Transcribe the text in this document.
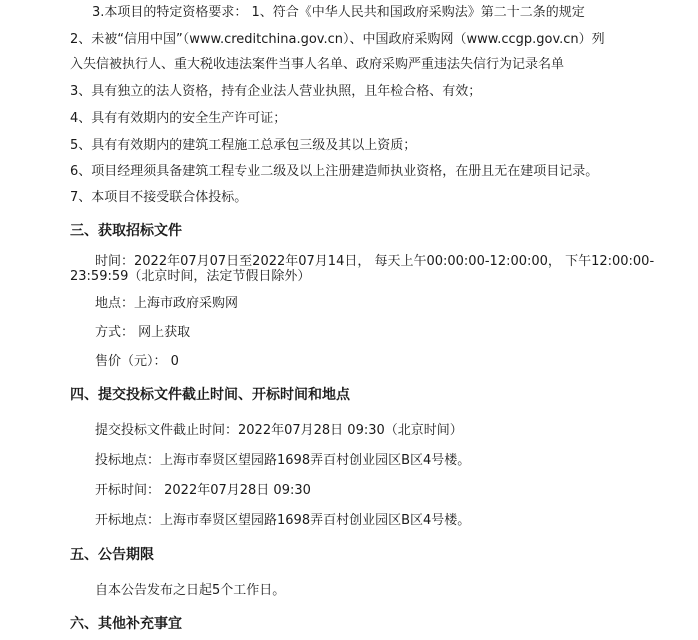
3.本项目的特定资格要求： 1、符合《中华人民共和国政府采购法》第二十二条的规定
2、未被“信用中国”（www.creditchina.gov.cn）、中国政府采购网（www.ccgp.gov.cn）列
入失信被执行人、重大税收违法案件当事人名单、政府采购严重违法失信行为记录名单
3、具有独立的法人资格，持有企业法人营业执照，且年检合格、有效；
4、具有有效期内的安全生产许可证；
5、具有有效期内的建筑工程施工总承包三级及其以上资质；
6、项目经理须具备建筑工程专业二级及以上注册建造师执业资格，在册且无在建项目记录。
7、本项目不接受联合体投标。
三、获取招标文件
时间：2022年07月07日至2022年07月14日， 每天上午00:00:00-12:00:00， 下午12:00:00-
23:59:59（北京时间，法定节假日除外）
地点：上海市政府采购网
方式： 网上获取
售价（元）： 0
四、提交投标文件截止时间、开标时间和地点
提交投标文件截止时间：2022年07月28日 09:30（北京时间）
投标地点：上海市奉贤区望园路1698弄百村创业园区B区4号楼。
开标时间： 2022年07月28日 09:30
开标地点：上海市奉贤区望园路1698弄百村创业园区B区4号楼。
五、公告期限
自本公告发布之日起5个工作日。
六、其他补充事宜
